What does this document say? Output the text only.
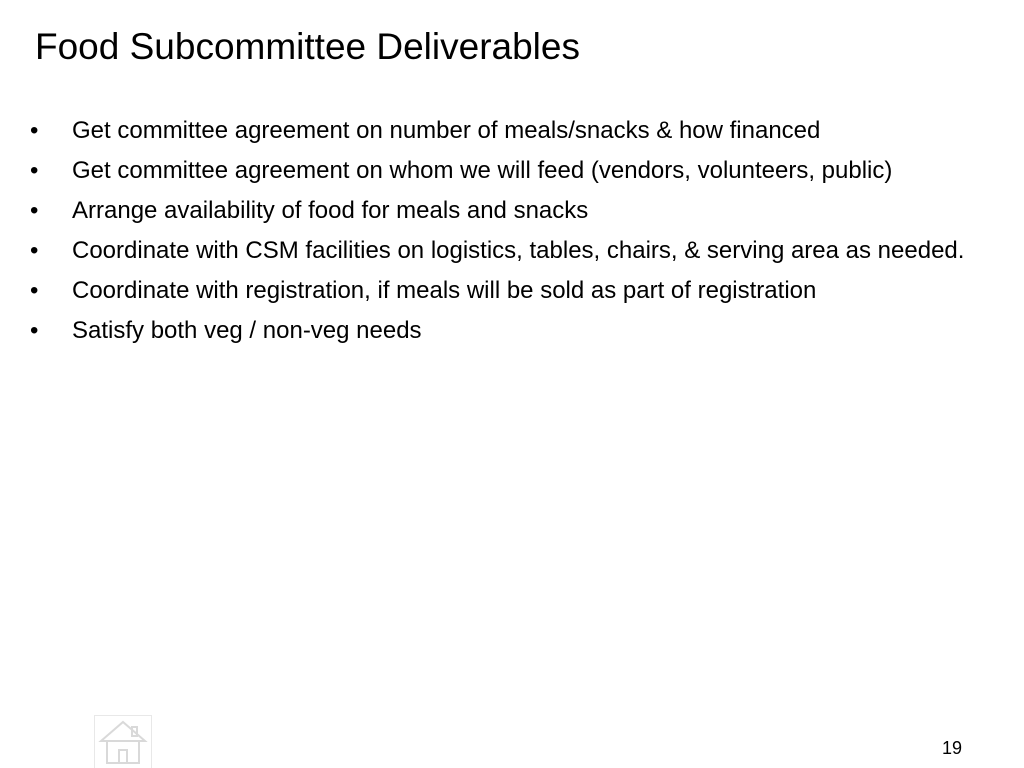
Food Subcommittee Deliverables
• Get committee agreement on number of meals/snacks & how financed
• Get committee agreement on whom we will feed (vendors, volunteers, public)
• Arrange availability of food for meals and snacks
• Coordinate with CSM facilities on logistics, tables, chairs, & serving area as needed.
• Coordinate with registration, if meals will be sold as part of registration
• Satisfy both veg / non-veg needs
19
